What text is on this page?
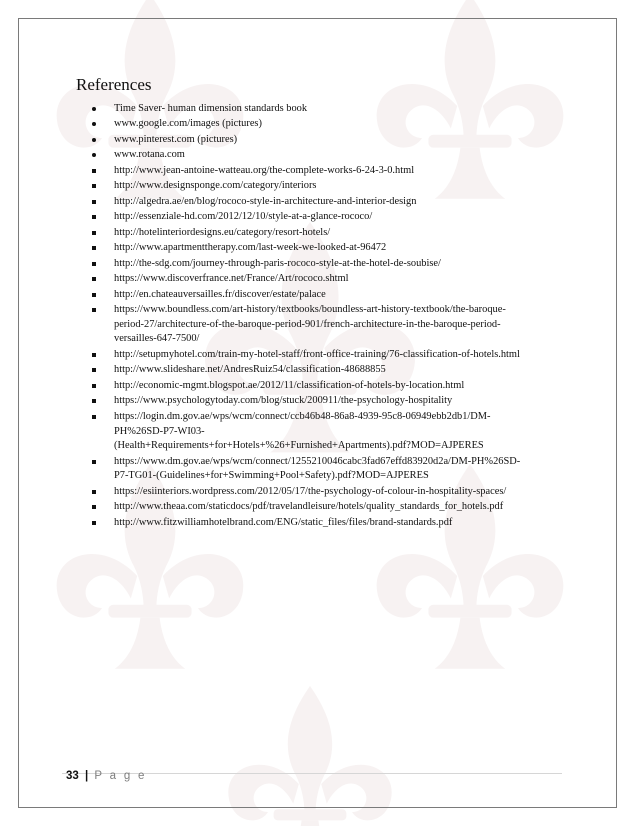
References
Time Saver- human dimension standards book
www.google.com/images (pictures)
www.pinterest.com (pictures)
www.rotana.com
http://www.jean-antoine-watteau.org/the-complete-works-6-24-3-0.html
http://www.designsponge.com/category/interiors
http://algedra.ae/en/blog/rococo-style-in-architecture-and-interior-design
http://essenziale-hd.com/2012/12/10/style-at-a-glance-rococo/
http://hotelinteriordesigns.eu/category/resort-hotels/
http://www.apartmenttherapy.com/last-week-we-looked-at-96472
http://the-sdg.com/journey-through-paris-rococo-style-at-the-hotel-de-soubise/
https://www.discoverfrance.net/France/Art/rococo.shtml
http://en.chateauversailles.fr/discover/estate/palace
https://www.boundless.com/art-history/textbooks/boundless-art-history-textbook/the-baroque-
period-27/architecture-of-the-baroque-period-901/french-architecture-in-the-baroque-period-
versailles-647-7500/
http://setupmyhotel.com/train-my-hotel-staff/front-office-training/76-classification-of-hotels.html
http://www.slideshare.net/AndresRuiz54/classification-48688855
http://economic-mgmt.blogspot.ae/2012/11/classification-of-hotels-by-location.html
https://www.psychologytoday.com/blog/stuck/200911/the-psychology-hospitality
https://login.dm.gov.ae/wps/wcm/connect/ccb46b48-86a8-4939-95c8-06949ebb2db1/DM-
PH%26SD-P7-WI03-
(Health+Requirements+for+Hotels+%26+Furnished+Apartments).pdf?MOD=AJPERES
https://www.dm.gov.ae/wps/wcm/connect/1255210046cabc3fad67effd83920d2a/DM-PH%26SD-
P7-TG01-(Guidelines+for+Swimming+Pool+Safety).pdf?MOD=AJPERES
https://esiinteriors.wordpress.com/2012/05/17/the-psychology-of-colour-in-hospitality-spaces/
http://www.theaa.com/staticdocs/pdf/travelandleisure/hotels/quality_standards_for_hotels.pdf
http://www.fitzwilliamhotelbrand.com/ENG/static_files/files/brand-standards.pdf
33 | P a g e
